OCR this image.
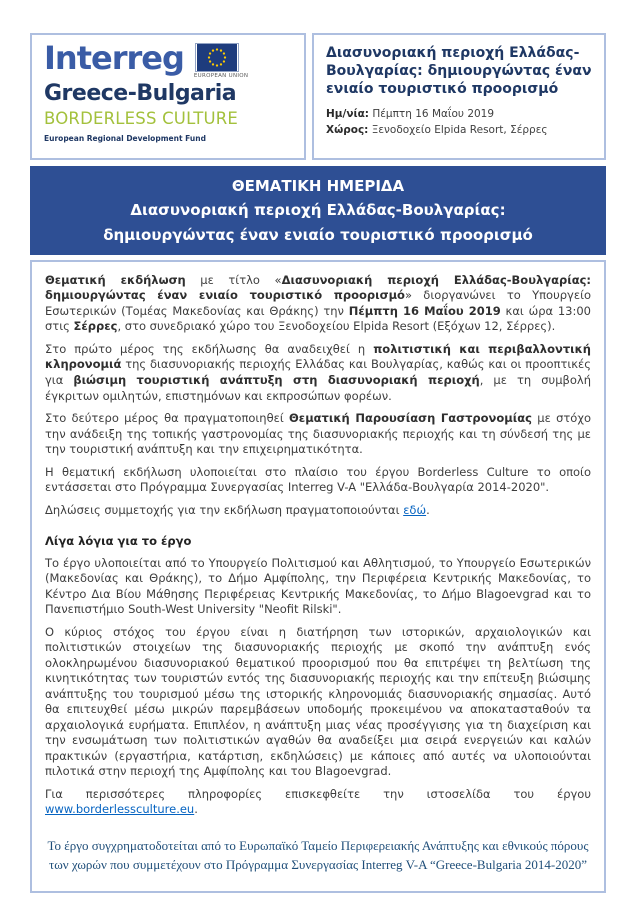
Interreg EUROPEAN UNION
Greece-Bulgaria
BORDERLESS CULTURE
European Regional Development Fund
Διασυνοριακή περιοχή Ελλάδας-Βουλγαρίας: δημιουργώντας έναν ενιαίο τουριστικό προορισμό
Ημ/νία: Πέμπτη 16 Μαΐου 2019
Χώρος: Ξενοδοχείο Elpida Resort, Σέρρες
ΘΕΜΑΤΙΚΗ ΗΜΕΡΙΔΑ
Διασυνοριακή περιοχή Ελλάδας-Βουλγαρίας:
δημιουργώντας έναν ενιαίο τουριστικό προορισμό

Θεματική εκδήλωση με τίτλο «Διασυνοριακή περιοχή Ελλάδας-Βουλγαρίας: δημιουργώντας έναν ενιαίο τουριστικό προορισμό» διοργανώνει το Υπουργείο Εσωτερικών (Τομέας Μακεδονίας και Θράκης) την Πέμπτη 16 Μαΐου 2019 και ώρα 13:00 στις Σέρρες, στο συνεδριακό χώρο του Ξενοδοχείου Elpida Resort (Εξόχων 12, Σέρρες).

Στο πρώτο μέρος της εκδήλωσης θα αναδειχθεί η πολιτιστική και περιβαλλοντική κληρονομιά της διασυνοριακής περιοχής Ελλάδας και Βουλγαρίας, καθώς και οι προοπτικές για βιώσιμη τουριστική ανάπτυξη στη διασυνοριακή περιοχή, με τη συμβολή έγκριτων ομιλητών, επιστημόνων και εκπροσώπων φορέων.

Στο δεύτερο μέρος θα πραγματοποιηθεί Θεματική Παρουσίαση Γαστρονομίας με στόχο την ανάδειξη της τοπικής γαστρονομίας της διασυνοριακής περιοχής και τη σύνδεσή της με την τουριστική ανάπτυξη και την επιχειρηματικότητα.

Η θεματική εκδήλωση υλοποιείται στο πλαίσιο του έργου Borderless Culture το οποίο εντάσσεται στο Πρόγραμμα Συνεργασίας Interreg V-A "Ελλάδα-Βουλγαρία 2014-2020".

Δηλώσεις συμμετοχής για την εκδήλωση πραγματοποιούνται εδώ.

Λίγα λόγια για το έργο

Το έργο υλοποιείται από το Υπουργείο Πολιτισμού και Αθλητισμού, το Υπουργείο Εσωτερικών (Μακεδονίας και Θράκης), το Δήμο Αμφίπολης, την Περιφέρεια Κεντρικής Μακεδονίας, το Κέντρο Δια Βίου Μάθησης Περιφέρειας Κεντρικής Μακεδονίας, το Δήμο Blagoevgrad και το Πανεπιστήμιο South-West University "Neofit Rilski".

Ο κύριος στόχος του έργου είναι η διατήρηση των ιστορικών, αρχαιολογικών και πολιτιστικών στοιχείων της διασυνοριακής περιοχής με σκοπό την ανάπτυξη ενός ολοκληρωμένου διασυνοριακού θεματικού προορισμού που θα επιτρέψει τη βελτίωση της κινητικότητας των τουριστών εντός της διασυνοριακής περιοχής και την επίτευξη βιώσιμης ανάπτυξης του τουρισμού μέσω της ιστορικής κληρονομιάς διασυνοριακής σημασίας. Αυτό θα επιτευχθεί μέσω μικρών παρεμβάσεων υποδομής προκειμένου να αποκατασταθούν τα αρχαιολογικά ευρήματα. Επιπλέον, η ανάπτυξη μιας νέας προσέγγισης για τη διαχείριση και την ενσωμάτωση των πολιτιστικών αγαθών θα αναδείξει μια σειρά ενεργειών και καλών πρακτικών (εργαστήρια, κατάρτιση, εκδηλώσεις) με κάποιες από αυτές να υλοποιούνται πιλοτικά στην περιοχή της Αμφίπολης και του Blagoevgrad.

Για περισσότερες πληροφορίες επισκεφθείτε την ιστοσελίδα του έργου www.borderlessculture.eu.

Το έργο συγχρηματοδοτείται από το Ευρωπαϊκό Ταμείο Περιφερειακής Ανάπτυξης και εθνικούς πόρους των χωρών που συμμετέχουν στο Πρόγραμμα Συνεργασίας Interreg V-A “Greece-Bulgaria 2014-2020”
